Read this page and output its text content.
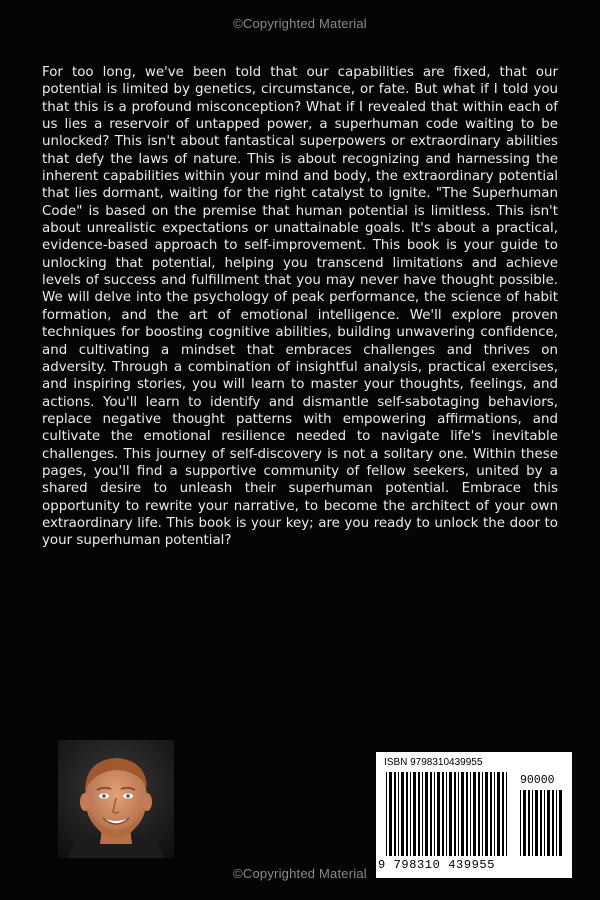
©Copyrighted Material

For too long, we've been told that our capabilities are fixed, that our potential is limited by genetics, circumstance, or fate. But what if I told you that this is a profound misconception? What if I revealed that within each of us lies a reservoir of untapped power, a superhuman code waiting to be unlocked? This isn't about fantastical superpowers or extraordinary abilities that defy the laws of nature. This is about recognizing and harnessing the inherent capabilities within your mind and body, the extraordinary potential that lies dormant, waiting for the right catalyst to ignite. "The Superhuman Code" is based on the premise that human potential is limitless. This isn't about unrealistic expectations or unattainable goals. It's about a practical, evidence-based approach to self-improvement. This book is your guide to unlocking that potential, helping you transcend limitations and achieve levels of success and fulfillment that you may never have thought possible. We will delve into the psychology of peak performance, the science of habit formation, and the art of emotional intelligence. We'll explore proven techniques for boosting cognitive abilities, building unwavering confidence, and cultivating a mindset that embraces challenges and thrives on adversity. Through a combination of insightful analysis, practical exercises, and inspiring stories, you will learn to master your thoughts, feelings, and actions. You'll learn to identify and dismantle self-sabotaging behaviors, replace negative thought patterns with empowering affirmations, and cultivate the emotional resilience needed to navigate life's inevitable challenges. This journey of self-discovery is not a solitary one. Within these pages, you'll find a supportive community of fellow seekers, united by a shared desire to unleash their superhuman potential. Embrace this opportunity to rewrite your narrative, to become the architect of your own extraordinary life. This book is your key; are you ready to unlock the door to your superhuman potential?

ISBN 9798310439955
90000
9 798310 439955
©Copyrighted Material
